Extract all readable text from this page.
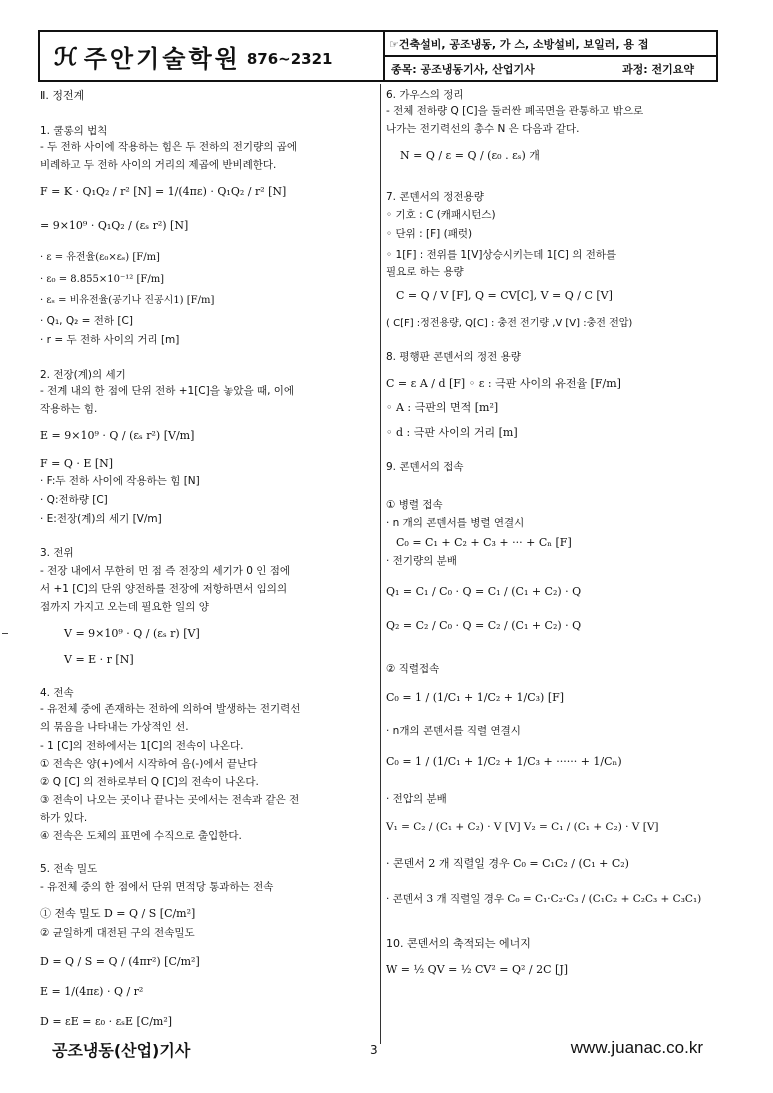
ℋ 주안기술학원 876~2321
☞건축설비, 공조냉동, 가 스, 소방설비, 보일러, 용 접
종목: 공조냉동기사, 산업기사	과정: 전기요약
Ⅱ. 정전계
1. 쿨롱의 법칙
- 두 전하 사이에 작용하는 힘은 두 전하의 전기량의 곱에
비례하고 두 전하 사이의 거리의 제곱에 반비례한다.
F = K · Q₁Q₂ / r² [N] = 1/(4πε) · Q₁Q₂ / r² [N]
= 9×10⁹ · Q₁Q₂ / (εₛ r²) [N]
· ε = 유전율(ε₀×εₛ) [F/m]
· ε₀ = 8.855×10⁻¹² [F/m]
· εₛ = 비유전율(공기나 진공시1) [F/m]
· Q₁, Q₂ = 전하 [C]
· r = 두 전하 사이의 거리 [m]
2. 전장(계)의 세기
- 전계 내의 한 점에 단위 전하 +1[C]을 놓았을 때, 이에
작용하는 힘.
E = 9×10⁹ · Q / (εₛ r²) [V/m]
F = Q · E [N]
· F:두 전하 사이에 작용하는 힘 [N]
· Q:전하량 [C]
· E:전장(계)의 세기 [V/m]
3. 전위
- 전장 내에서 무한히 먼 점 즉 전장의 세기가 0 인 점에
서 +1 [C]의 단위 양전하를 전장에 저항하면서 임의의
점까지 가지고 오는데 필요한 일의 양
V = 9×10⁹ · Q / (εₛ r) [V]
V = E · r [N]
4. 전속
- 유전체 중에 존재하는 전하에 의하여 발생하는 전기력선
의 묶음을 나타내는 가상적인 선.
- 1 [C]의 전하에서는 1[C]의 전속이 나온다.
① 전속은 양(+)에서 시작하여 음(-)에서 끝난다
② Q [C] 의 전하로부터 Q [C]의 전속이 나온다.
③ 전속이 나오는 곳이나 끝나는 곳에서는 전속과 같은 전
하가 있다.
④ 전속은 도체의 표면에 수직으로 출입한다.
5. 전속 밀도
- 유전체 중의 한 점에서 단위 면적당 통과하는 전속
① 전속 밀도 D = Q / S [C/m²]
② 균일하게 대전된 구의 전속밀도
D = Q / S = Q / (4πr²) [C/m²]
E = 1/(4πε) · Q / r²
D = εE = ε₀ · εₛE [C/m²]
6. 가우스의 정리
- 전체 전하량 Q [C]을 둘러싼 폐곡면을 관통하고 밖으로
나가는 전기력선의 총수 N 은 다음과 같다.
N = Q / ε = Q / (ε₀ . εₛ) 개
7. 콘덴서의 정전용량
◦ 기호 : C (캐패시턴스)
◦ 단위 : [F] (패럿)
◦ 1[F] : 전위를 1[V]상승시키는데 1[C] 의 전하를
필요로 하는 용량
C = Q / V [F], Q = CV[C], V = Q / C [V]
( C[F] :정전용량, Q[C] : 충전 전기량 ,V [V] :충전 전압)
8. 평행판 콘덴서의 정전 용량
C = ε A / d [F] ◦ ε : 극판 사이의 유전율 [F/m]
◦ A : 극판의 면적 [m²]
◦ d : 극판 사이의 거리 [m]
9. 콘덴서의 접속
① 병렬 접속
· n 개의 콘덴서를 병렬 연결시
C₀ = C₁ + C₂ + C₃ + ··· + Cₙ [F]
· 전기량의 분배
Q₁ = C₁ / C₀ · Q = C₁ / (C₁ + C₂) · Q
Q₂ = C₂ / C₀ · Q = C₂ / (C₁ + C₂) · Q
② 직렬접속
C₀ = 1 / (1/C₁ + 1/C₂ + 1/C₃) [F]
· n개의 콘덴서를 직렬 연결시
C₀ = 1 / (1/C₁ + 1/C₂ + 1/C₃ + ······ + 1/Cₙ)
· 전압의 분배
V₁ = C₂ / (C₁ + C₂) · V [V] V₂ = C₁ / (C₁ + C₂) · V [V]
· 콘덴서 2 개 직렬일 경우 C₀ = C₁C₂ / (C₁ + C₂)
· 콘덴서 3 개 직렬일 경우 C₀ = C₁·C₂·C₃ / (C₁C₂ + C₂C₃ + C₃C₁)
10. 콘덴서의 축적되는 에너지
W = ½ QV = ½ CV² = Q² / 2C [J]
공조냉동(산업)기사	3	www.juanac.co.kr
